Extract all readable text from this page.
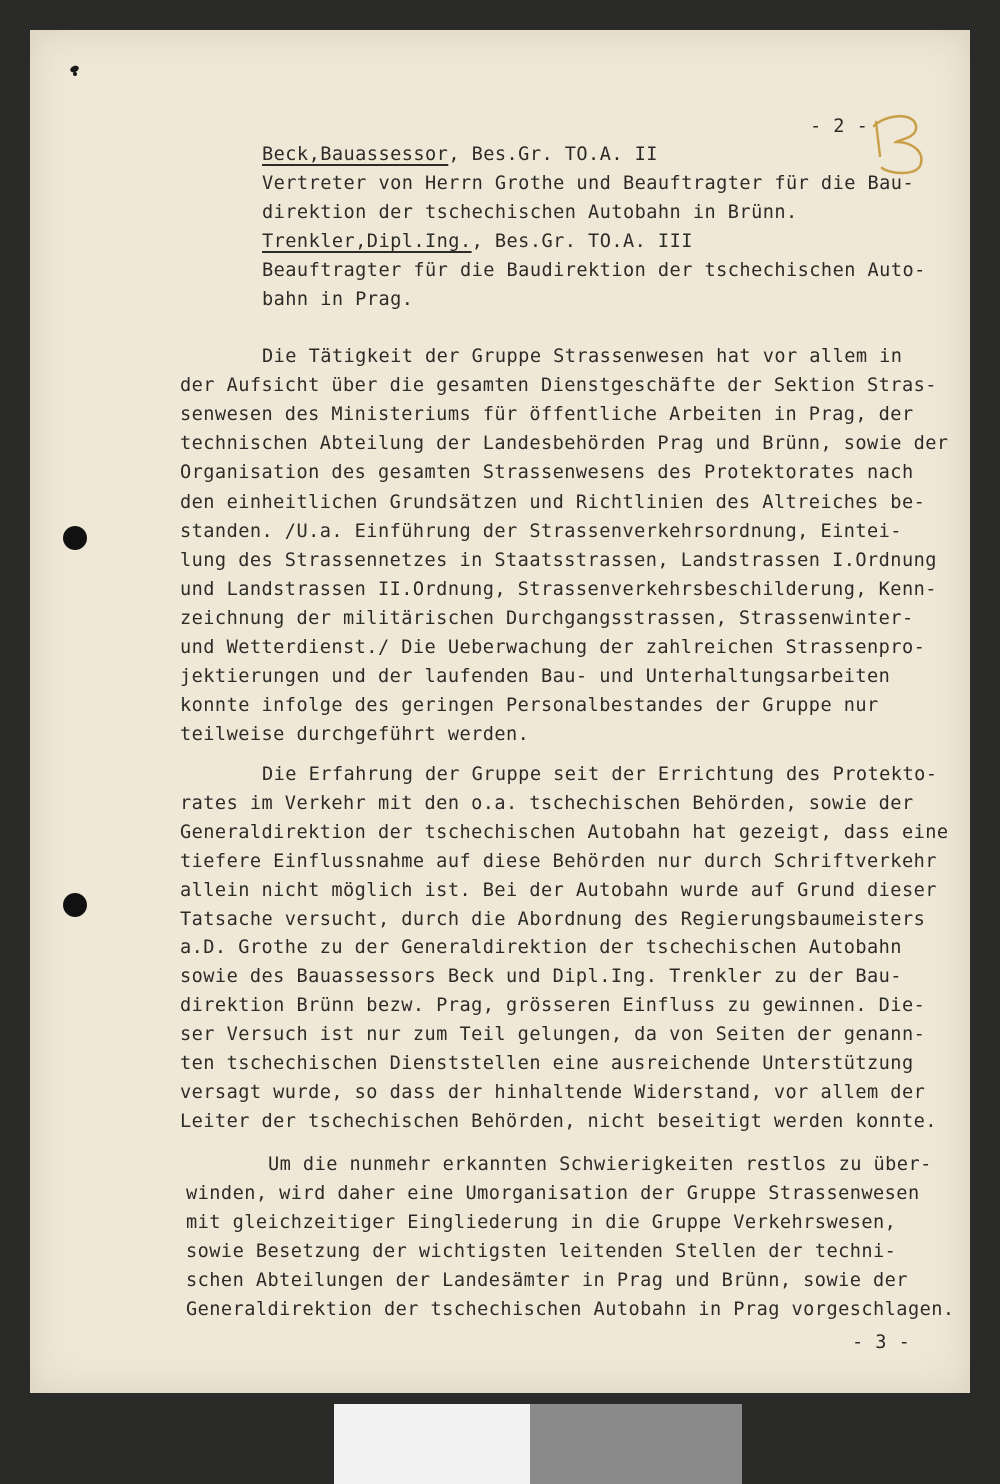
- 2 -
Beck,Bauassessor, Bes.Gr. TO.A. II
Vertreter von Herrn Grothe und Beauftragter für die Bau-
direktion der tschechischen Autobahn in Brünn.
Trenkler,Dipl.Ing., Bes.Gr. TO.A. III
Beauftragter für die Baudirektion der tschechischen Auto-
bahn in Prag.
Die Tätigkeit der Gruppe Strassenwesen hat vor allem in
der Aufsicht über die gesamten Dienstgeschäfte der Sektion Stras-
senwesen des Ministeriums für öffentliche Arbeiten in Prag, der
technischen Abteilung der Landesbehörden Prag und Brünn, sowie der
Organisation des gesamten Strassenwesens des Protektorates nach
den einheitlichen Grundsätzen und Richtlinien des Altreiches be-
standen. /U.a. Einführung der Strassenverkehrsordnung, Eintei-
lung des Strassennetzes in Staatsstrassen, Landstrassen I.Ordnung
und Landstrassen II.Ordnung, Strassenverkehrsbeschilderung, Kenn-
zeichnung der militärischen Durchgangsstrassen, Strassenwinter-
und Wetterdienst./ Die Ueberwachung der zahlreichen Strassenpro-
jektierungen und der laufenden Bau- und Unterhaltungsarbeiten
konnte infolge des geringen Personalbestandes der Gruppe nur
teilweise durchgeführt werden.
Die Erfahrung der Gruppe seit der Errichtung des Protekto-
rates im Verkehr mit den o.a. tschechischen Behörden, sowie der
Generaldirektion der tschechischen Autobahn hat gezeigt, dass eine
tiefere Einflussnahme auf diese Behörden nur durch Schriftverkehr
allein nicht möglich ist. Bei der Autobahn wurde auf Grund dieser
Tatsache versucht, durch die Abordnung des Regierungsbaumeisters
a.D. Grothe zu der Generaldirektion der tschechischen Autobahn
sowie des Bauassessors Beck und Dipl.Ing. Trenkler zu der Bau-
direktion Brünn bezw. Prag, grösseren Einfluss zu gewinnen. Die-
ser Versuch ist nur zum Teil gelungen, da von Seiten der genann-
ten tschechischen Dienststellen eine ausreichende Unterstützung
versagt wurde, so dass der hinhaltende Widerstand, vor allem der
Leiter der tschechischen Behörden, nicht beseitigt werden konnte.
Um die nunmehr erkannten Schwierigkeiten restlos zu über-
winden, wird daher eine Umorganisation der Gruppe Strassenwesen
mit gleichzeitiger Eingliederung in die Gruppe Verkehrswesen,
sowie Besetzung der wichtigsten leitenden Stellen der techni-
schen Abteilungen der Landesämter in Prag und Brünn, sowie der
Generaldirektion der tschechischen Autobahn in Prag vorgeschlagen.
- 3 -
